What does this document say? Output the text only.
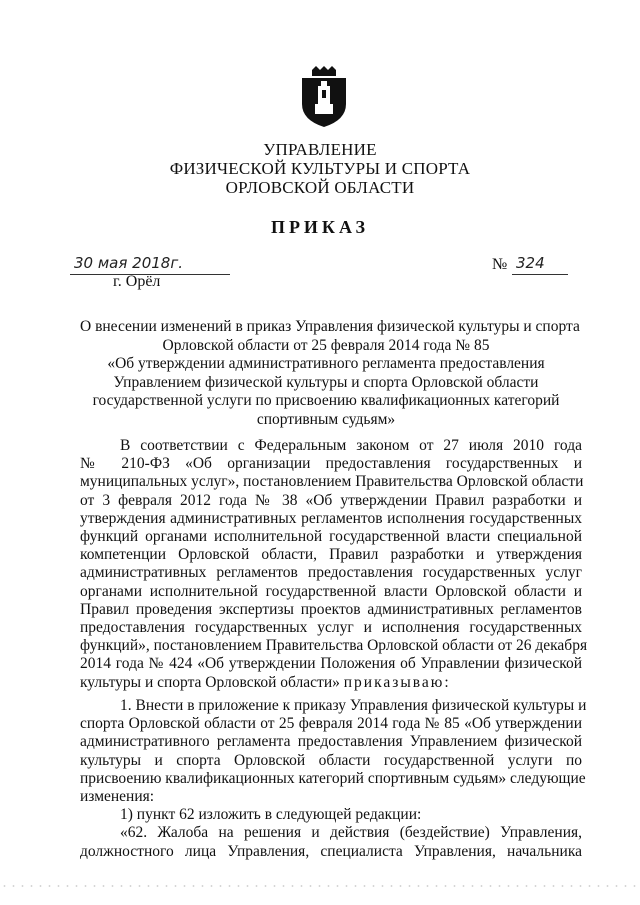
УПРАВЛЕНИЕ
ФИЗИЧЕСКОЙ КУЛЬТУРЫ И СПОРТА
ОРЛОВСКОЙ ОБЛАСТИ
ПРИКАЗ
30 мая 2018г.	№ 324
г. Орёл
О внесении изменений в приказ Управления физической культуры и спорта
Орловской области от 25 февраля 2014 года № 85
«Об утверждении административного регламента предоставления
Управлением физической культуры и спорта Орловской области
государственной услуги по присвоению квалификационных категорий
спортивным судьям»
В соответствии с Федеральным законом от 27 июля 2010 года
№ 210-ФЗ «Об организации предоставления государственных и
муниципальных услуг», постановлением Правительства Орловской области
от 3 февраля 2012 года № 38 «Об утверждении Правил разработки и
утверждения административных регламентов исполнения государственных
функций органами исполнительной государственной власти специальной
компетенции Орловской области, Правил разработки и утверждения
административных регламентов предоставления государственных услуг
органами исполнительной государственной власти Орловской области и
Правил проведения экспертизы проектов административных регламентов
предоставления государственных услуг и исполнения государственных
функций», постановлением Правительства Орловской области от 26 декабря
2014 года № 424 «Об утверждении Положения об Управлении физической
культуры и спорта Орловской области» приказываю:
1. Внести в приложение к приказу Управления физической культуры и
спорта Орловской области от 25 февраля 2014 года № 85 «Об утверждении
административного регламента предоставления Управлением физической
культуры и спорта Орловской области государственной услуги по
присвоению квалификационных категорий спортивным судьям» следующие
изменения:
1) пункт 62 изложить в следующей редакции:
«62. Жалоба на решения и действия (бездействие) Управления,
должностного лица Управления, специалиста Управления, начальника
